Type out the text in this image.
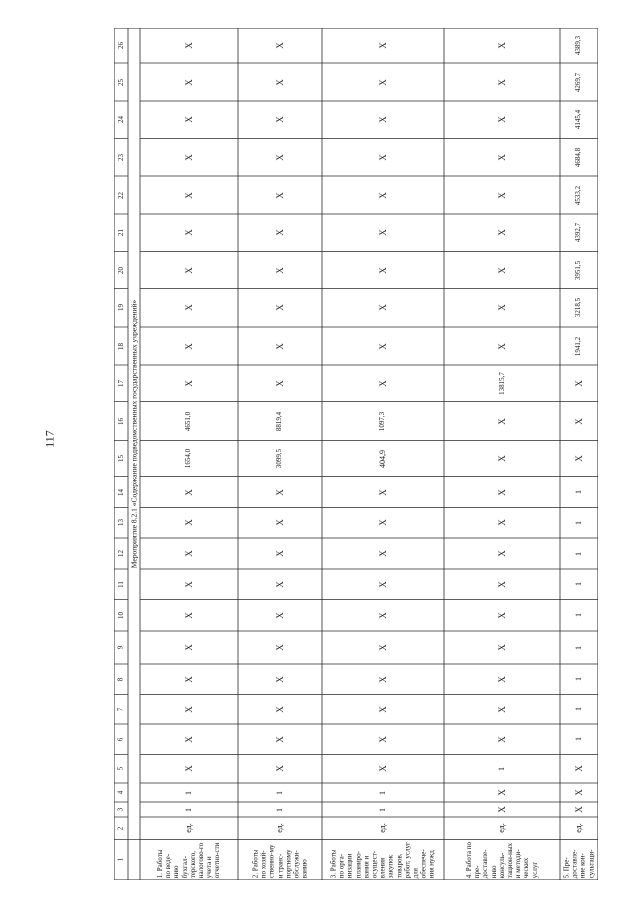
117
1
2
3
4
5
6
7
8
9
10
11
12
13
14
15
16
17
18
19
20
21
22
23
24
25
26
Мероприятие 8.2.1 «Содержание подведомственных государственных учреждений»
1. Работы по веде-нию бухгал-терского, налогово-го учета и отчетно-сти
ед.
1
1
Х
Х
Х
Х
Х
Х
Х
Х
Х
Х
1654,0
4651,0
Х
Х
Х
Х
Х
Х
Х
Х
Х
Х
2. Работы по хозяй-ственно-му и транс-портному обслужи-ванию
ед.
1
1
Х
Х
Х
Х
Х
Х
Х
Х
Х
Х
3099,5
8819,4
Х
Х
Х
Х
Х
Х
Х
Х
Х
Х
3. Работы по орга-низации планиро-вания и осущест-вления закупок товаров, работ, услуг для обеспече-ния нужд
ед.
1
1
Х
Х
Х
Х
Х
Х
Х
Х
Х
Х
404,9
1097,3
Х
Х
Х
Х
Х
Х
Х
Х
Х
Х
4. Работа по пре-доставле-нию консуль-тацион-ных и методи-ческих услуг
ед.
Х
Х
1
Х
Х
Х
Х
Х
Х
Х
Х
Х
Х
Х
13815,7
Х
Х
Х
Х
Х
Х
Х
Х
Х
5. Пре-доставле-ние кон-сультаци-
ед.
Х
Х
Х
1
1
1
1
1
1
1
1
1
Х
Х
Х
1941,2
3218,5
3951,5
4392,7
4533,2
4684,8
4145,4
4269,7
4389,3
